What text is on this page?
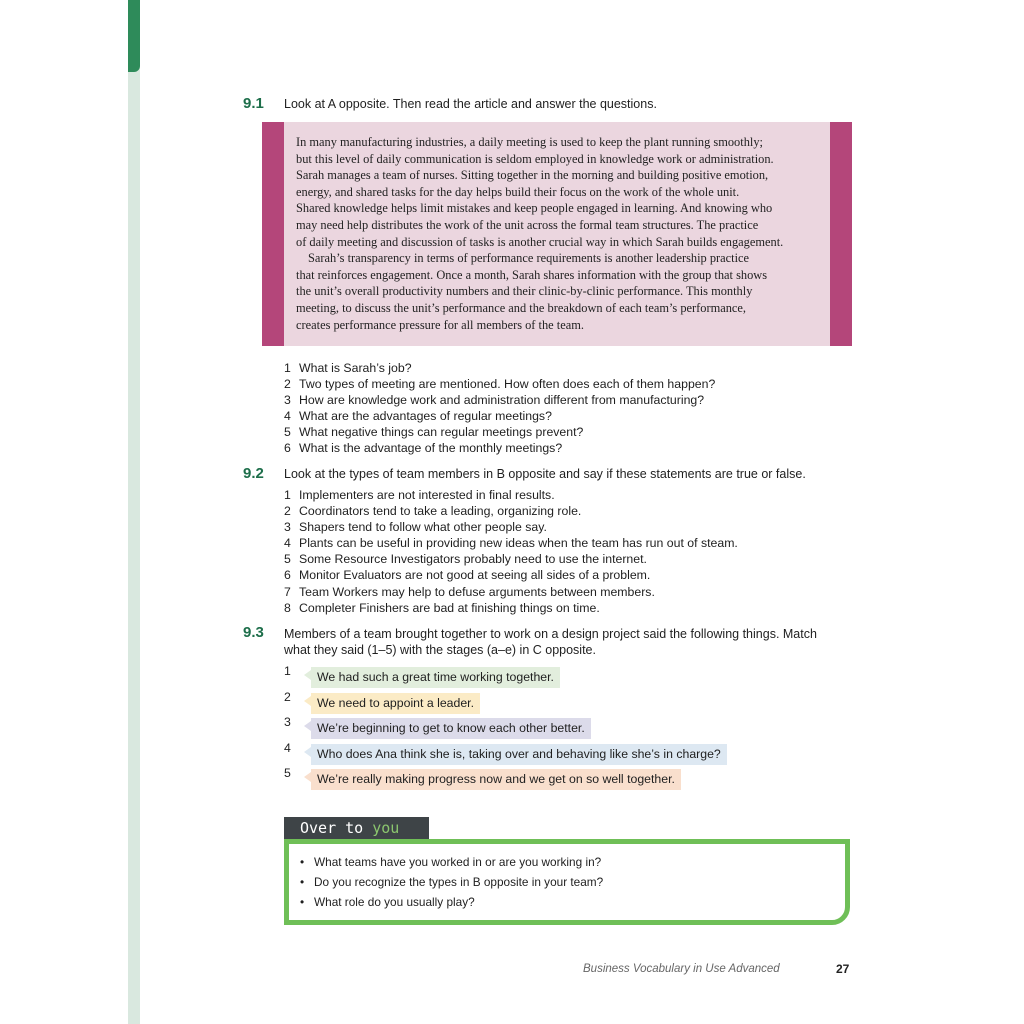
9.1 Look at A opposite. Then read the article and answer the questions.

In many manufacturing industries, a daily meeting is used to keep the plant running smoothly;
but this level of daily communication is seldom employed in knowledge work or administration.
Sarah manages a team of nurses. Sitting together in the morning and building positive emotion,
energy, and shared tasks for the day helps build their focus on the work of the whole unit.
Shared knowledge helps limit mistakes and keep people engaged in learning. And knowing who
may need help distributes the work of the unit across the formal team structures. The practice
of daily meeting and discussion of tasks is another crucial way in which Sarah builds engagement.

Sarah’s transparency in terms of performance requirements is another leadership practice
that reinforces engagement. Once a month, Sarah shares information with the group that shows
the unit’s overall productivity numbers and their clinic-by-clinic performance. This monthly
meeting, to discuss the unit’s performance and the breakdown of each team’s performance,
creates performance pressure for all members of the team.

1 What is Sarah’s job?
2 Two types of meeting are mentioned. How often does each of them happen?
3 How are knowledge work and administration different from manufacturing?
4 What are the advantages of regular meetings?
5 What negative things can regular meetings prevent?
6 What is the advantage of the monthly meetings?
9.2 Look at the types of team members in B opposite and say if these statements are true or false.
1 Implementers are not interested in final results.
2 Coordinators tend to take a leading, organizing role.
3 Shapers tend to follow what other people say.
4 Plants can be useful in providing new ideas when the team has run out of steam.
5 Some Resource Investigators probably need to use the internet.
6 Monitor Evaluators are not good at seeing all sides of a problem.
7 Team Workers may help to defuse arguments between members.
8 Completer Finishers are bad at finishing things on time.
9.3 Members of a team brought together to work on a design project said the following things. Match
what they said (1–5) with the stages (a–e) in C opposite.
1	We had such a great time working together.
2	We need to appoint a leader.
3	We’re beginning to get to know each other better.
4	Who does Ana think she is, taking over and behaving like she’s in charge?
5	We’re really making progress now and we get on so well together.
Over to you
• What teams have you worked in or are you working in?
• Do you recognize the types in B opposite in your team?
• What role do you usually play?
Business Vocabulary in Use Advanced	27
